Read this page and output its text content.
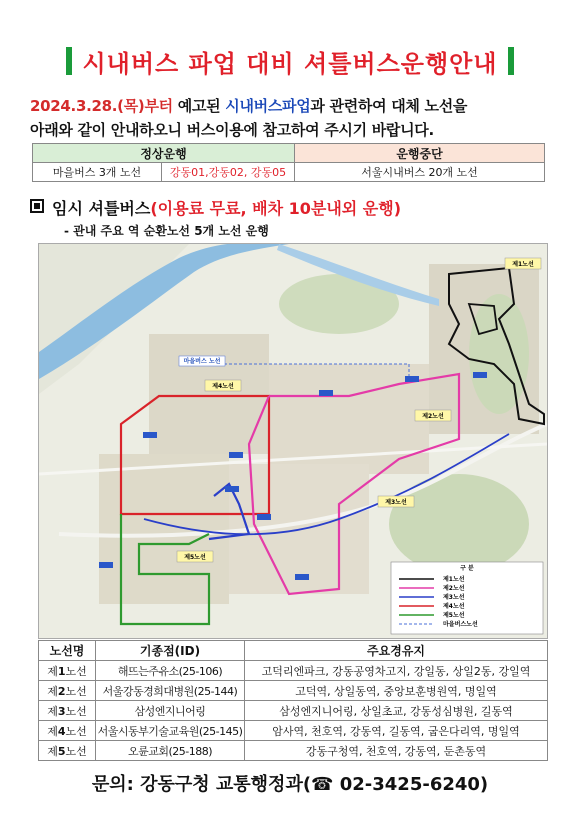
시내버스 파업 대비 셔틀버스운행안내
2024.3.28.(목)부터 예고된 시내버스파업과 관련하여 대체 노선을
아래와 같이 안내하오니 버스이용에 참고하여 주시기 바랍니다.
정상운행		운행중단
마을버스 3개 노선	강동01,강동02, 강동05	서울시내버스 20개 노선
임시 셔틀버스(이용료 무료, 배차 10분내외 운행)
- 관내 주요 역 순환노선 5개 노선 운행
제1노선
제2노선
제3노선
제4노선
제5노선
마을버스 노선
구 분
제1노선
제2노선
제3노선
제4노선
제5노선
마을버스노선
노선명	기종점(ID)	주요경유지
제1노선	해뜨는주유소(25-106)	고덕리엔파크, 강동공영차고지, 강일동, 상일2동, 강일역
제2노선	서울강동경희대병원(25-144)	고덕역, 상일동역, 중앙보훈병원역, 명일역
제3노선	삼성엔지니어링	삼성엔지니어링, 상일초교, 강동성심병원, 길동역
제4노선	서울시동부기술교육원(25-145)	암사역, 천호역, 강동역, 길동역, 굽은다리역, 명일역
제5노선	오륜교회(25-188)	강동구청역, 천호역, 강동역, 둔촌동역
문의: 강동구청 교통행정과(☎ 02-3425-6240)
